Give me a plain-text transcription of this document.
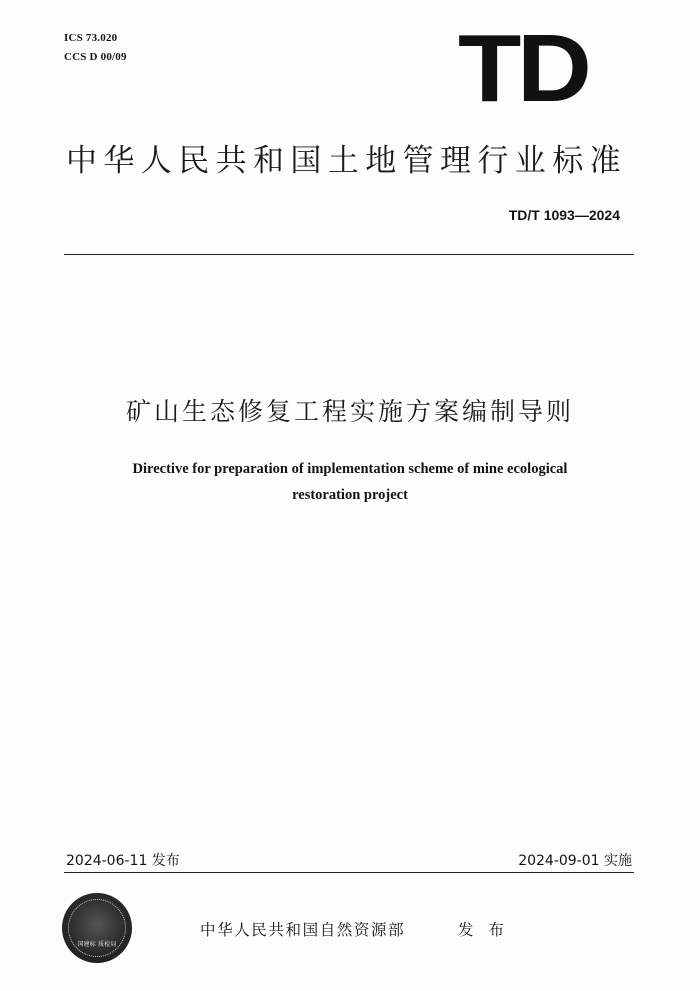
ICS 73.020
CCS D 00/09	TD
中华人民共和国土地管理行业标准
TD/T 1093—2024
矿山生态修复工程实施方案编制导则
Directive for preparation of implementation scheme of mine ecological
restoration project
2024-06-11 发布	2024-09-01 实施
国建标 质检局
中华人民共和国自然资源部	发 布
